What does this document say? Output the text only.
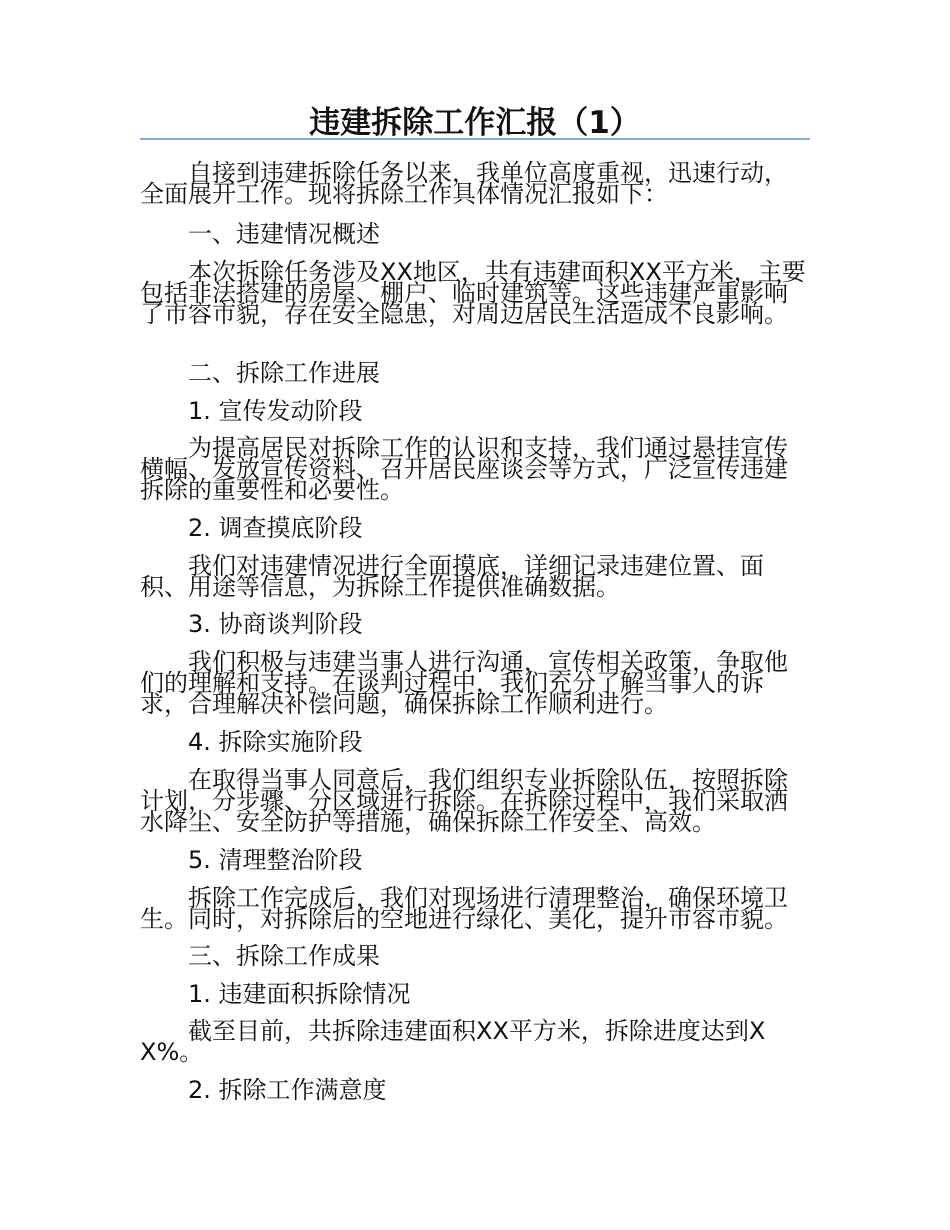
违建拆除工作汇报（1）

自接到违建拆除任务以来，我单位高度重视，迅速行动，全面展开工作。现将拆除工作具体情况汇报如下：

一、违建情况概述

本次拆除任务涉及XX地区，共有违建面积XX平方米，主要包括非法搭建的房屋、棚户、临时建筑等。这些违建严重影响了市容市貌，存在安全隐患，对周边居民生活造成不良影响。

二、拆除工作进展

1. 宣传发动阶段

为提高居民对拆除工作的认识和支持，我们通过悬挂宣传横幅、发放宣传资料、召开居民座谈会等方式，广泛宣传违建拆除的重要性和必要性。

2. 调查摸底阶段

我们对违建情况进行全面摸底，详细记录违建位置、面积、用途等信息，为拆除工作提供准确数据。

3. 协商谈判阶段

我们积极与违建当事人进行沟通，宣传相关政策，争取他们的理解和支持。在谈判过程中，我们充分了解当事人的诉求，合理解决补偿问题，确保拆除工作顺利进行。

4. 拆除实施阶段

在取得当事人同意后，我们组织专业拆除队伍，按照拆除计划，分步骤、分区域进行拆除。在拆除过程中，我们采取洒水降尘、安全防护等措施，确保拆除工作安全、高效。

5. 清理整治阶段

拆除工作完成后，我们对现场进行清理整治，确保环境卫生。同时，对拆除后的空地进行绿化、美化，提升市容市貌。

三、拆除工作成果

1. 违建面积拆除情况

截至目前，共拆除违建面积XX平方米，拆除进度达到XX%。

2. 拆除工作满意度
